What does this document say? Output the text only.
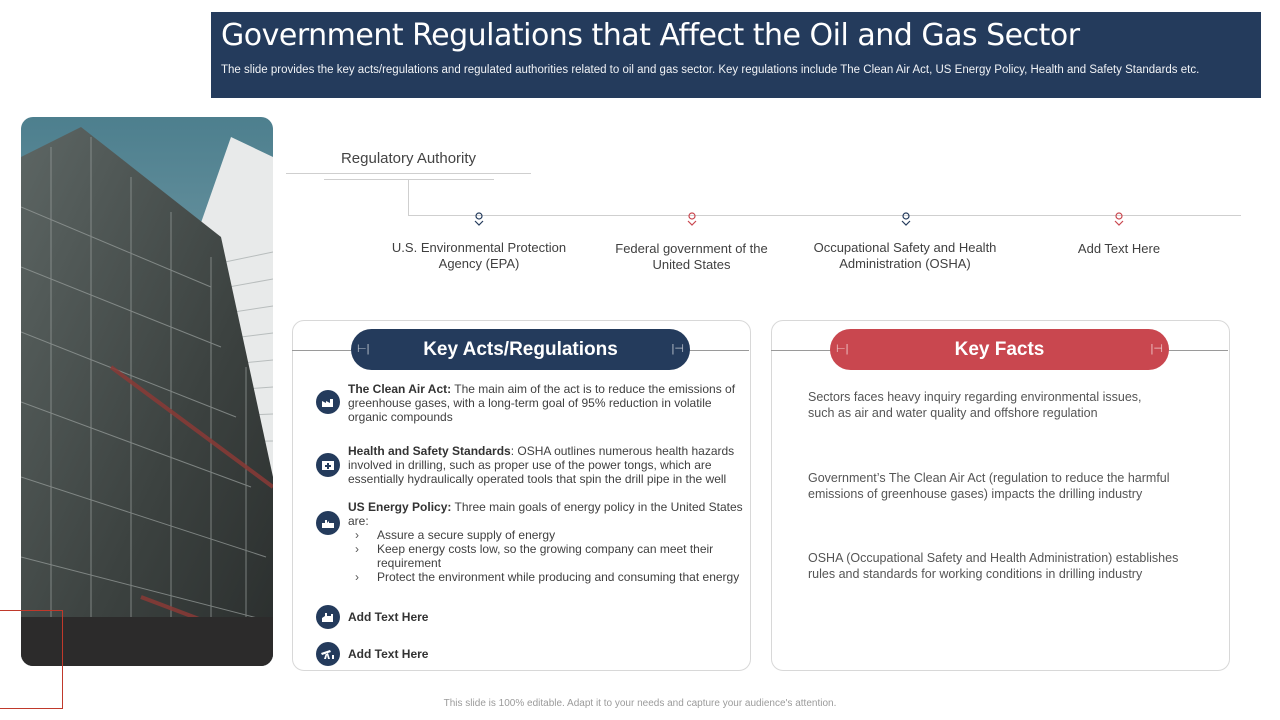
Government Regulations that Affect the Oil and Gas Sector

The slide provides the key acts/regulations and regulated authorities related to oil and gas sector. Key regulations include The Clean Air Act, US Energy Policy, Health and Safety Standards etc.

Regulatory Authority
U.S. Environmental Protection Agency (EPA)
Federal government of the United States
Occupational Safety and Health Administration (OSHA)
Add Text Here
⊢|	Key Acts/Regulations	|⊣
The Clean Air Act: The main aim of the act is to reduce the emissions of greenhouse gases, with a long-term goal of 95% reduction in volatile organic compounds
Health and Safety Standards: OSHA outlines numerous health hazards involved in drilling, such as proper use of the power tongs, which are essentially hydraulically operated tools that spin the drill pipe in the well
US Energy Policy: Three main goals of energy policy in the United States are:
› Assure a secure supply of energy
› Keep energy costs low, so the growing company can meet their requirement
› Protect the environment while producing and consuming that energy
Add Text Here
Add Text Here
⊢|	Key Facts	|⊣
Sectors faces heavy inquiry regarding environmental issues, such as air and water quality and offshore regulation
Government’s The Clean Air Act (regulation to reduce the harmful emissions of greenhouse gases) impacts the drilling industry
OSHA (Occupational Safety and Health Administration) establishes rules and standards for working conditions in drilling industry
This slide is 100% editable. Adapt it to your needs and capture your audience's attention.
